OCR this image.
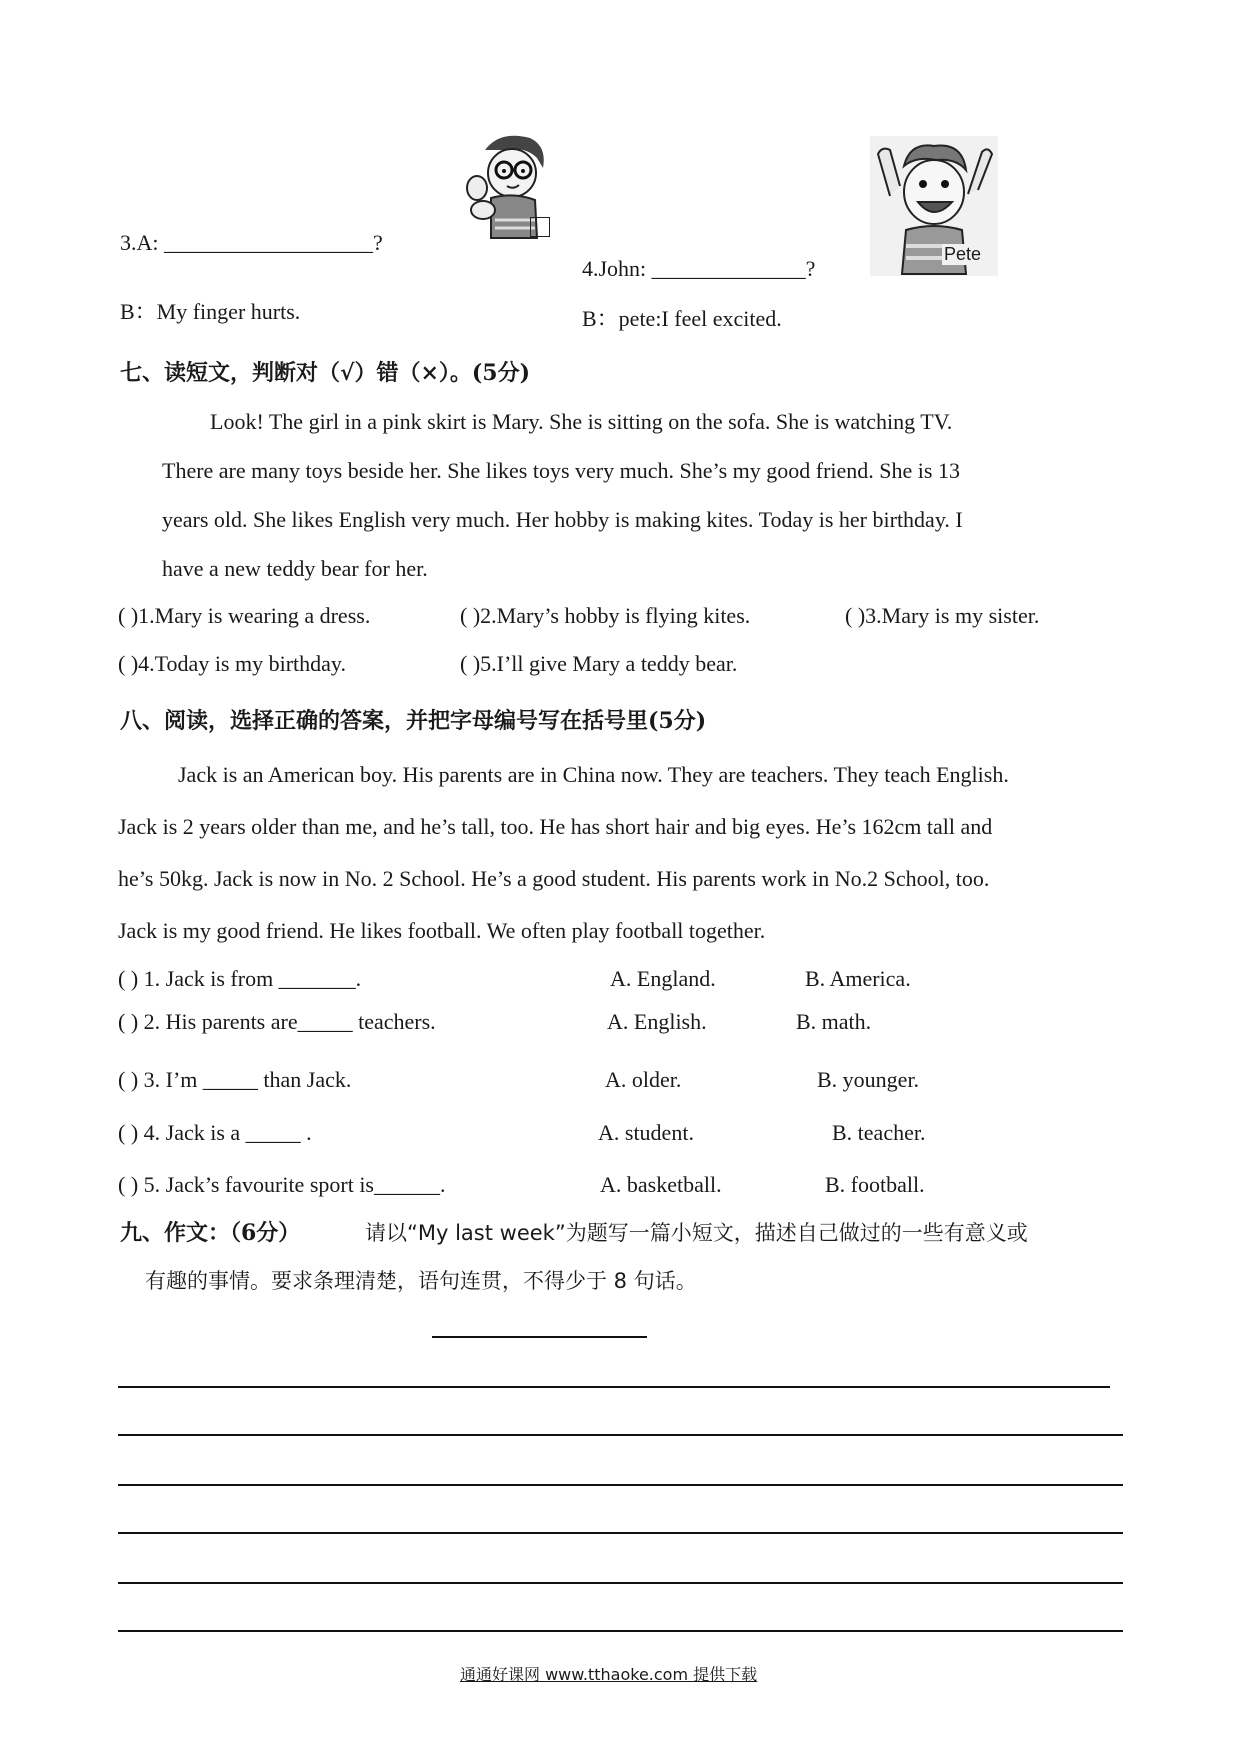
3.A: ___________________?
B：My finger hurts.
Pete
4.John: ______________?
B：pete:I feel excited.
七、读短文，判断对（√）错（×）。(5分)
Look! The girl in a pink skirt is Mary. She is sitting on the sofa. She is watching TV.
There are many toys beside her. She likes toys very much. She’s my good friend. She is 13
years old. She likes English very much. Her hobby is making kites. Today is her birthday. I
have a new teddy bear for her.
( )1.Mary is wearing a dress.	( )2.Mary’s hobby is flying kites.	( )3.Mary is my sister.
( )4.Today is my birthday.	( )5.I’ll give Mary a teddy bear.
八、阅读，选择正确的答案，并把字母编号写在括号里(5分)
Jack is an American boy. His parents are in China now. They are teachers. They teach English.
Jack is 2 years older than me, and he’s tall, too. He has short hair and big eyes. He’s 162cm tall and
he’s 50kg. Jack is now in No. 2 School. He’s a good student. His parents work in No.2 School, too.
Jack is my good friend. He likes football. We often play football together.
( ) 1. Jack is from _______.	A. England.	B. America.
( ) 2. His parents are_____ teachers.	A. English.	B. math.
( ) 3. I’m _____ than Jack.	A. older.	B. younger.
( ) 4. Jack is a _____ .	A. student.	B. teacher.
( ) 5. Jack’s favourite sport is______.	A. basketball.	B. football.
九、作文：（6分）	请以“My last week”为题写一篇小短文，描述自己做过的一些有意义或
有趣的事情。要求条理清楚，语句连贯，不得少于 8 句话。
通通好课网 www.tthaoke.com 提供下载
